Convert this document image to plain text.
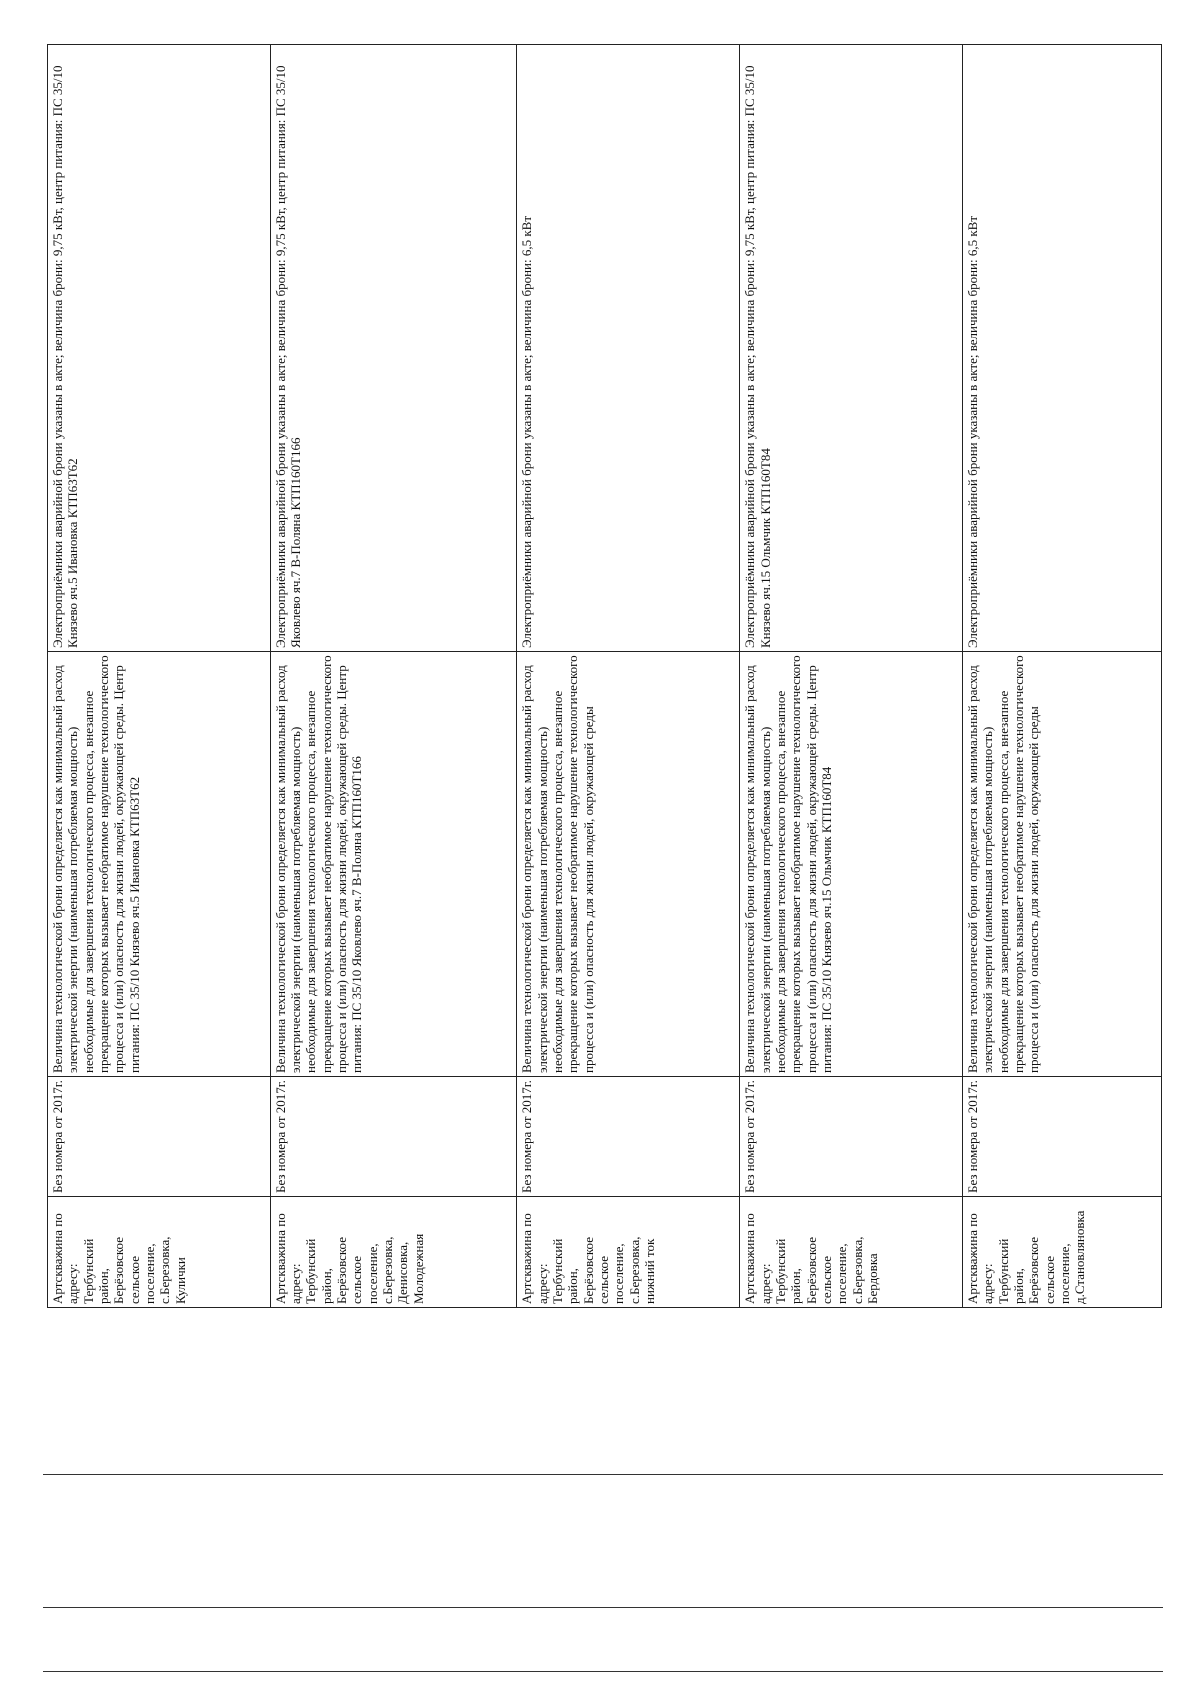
Артскважина по адресу: Тербунский район, Берёзовское сельское поселение, с.Березовка, Кулички	Без номера от 2017г.	Величина технологической брони определяется как минимальный расход электрической энергии (наименьшая потребляемая мощность) необходимые для завершения технологического процесса, внезапное прекращение которых вызывает необратимое нарушение технологического процесса и (или) опасность для жизни людей, окружающей среды. Центр питания: ПС 35/10 Князево яч.5 Ивановка КТП63Т62	Электроприёмники аварийной брони указаны в акте; величина брони: 9,75 кВт, центр питания: ПС 35/10 Князево яч.5 Ивановка КТП63Т62
Артскважина по адресу: Тербунский район, Берёзовское сельское поселение, с.Березовка, Денисовка, Молодежная	Без номера от 2017г.	Величина технологической брони определяется как минимальный расход электрической энергии (наименьшая потребляемая мощность) необходимые для завершения технологического процесса, внезапное прекращение которых вызывает необратимое нарушение технологического процесса и (или) опасность для жизни людей, окружающей среды. Центр питания: ПС 35/10 Яковлево яч.7 В-Поляна КТП160Т166	Электроприёмники аварийной брони указаны в акте; величина брони: 9,75 кВт, центр питания: ПС 35/10 Яковлево яч.7 В-Поляна КТП160Т166
Артскважина по адресу: Тербунский район, Берёзовское сельское поселение, с.Березовка, нижний ток	Без номера от 2017г.	Величина технологической брони определяется как минимальный расход электрической энергии (наименьшая потребляемая мощность) необходимые для завершения технологического процесса, внезапное прекращение которых вызывает необратимое нарушение технологического процесса и (или) опасность для жизни людей, окружающей среды	Электроприёмники аварийной брони указаны в акте; величина брони: 6,5 кВт
Артскважина по адресу: Тербунский район, Берёзовское сельское поселение, с.Березовка, Бердовка	Без номера от 2017г.	Величина технологической брони определяется как минимальный расход электрической энергии (наименьшая потребляемая мощность) необходимые для завершения технологического процесса, внезапное прекращение которых вызывает необратимое нарушение технологического процесса и (или) опасность для жизни людей, окружающей среды. Центр питания: ПС 35/10 Князево яч.15 Ольмчик КТП160Т84	Электроприёмники аварийной брони указаны в акте; величина брони: 9,75 кВт, центр питания: ПС 35/10 Князево яч.15 Ольмчик КТП160Т84
Артскважина по адресу: Тербунский район, Берёзовское сельское поселение, д.Становляновка	Без номера от 2017г.	Величина технологической брони определяется как минимальный расход электрической энергии (наименьшая потребляемая мощность) необходимые для завершения технологического процесса, внезапное прекращение которых вызывает необратимое нарушение технологического процесса и (или) опасность для жизни людей, окружающей среды	Электроприёмники аварийной брони указаны в акте; величина брони: 6,5 кВт
